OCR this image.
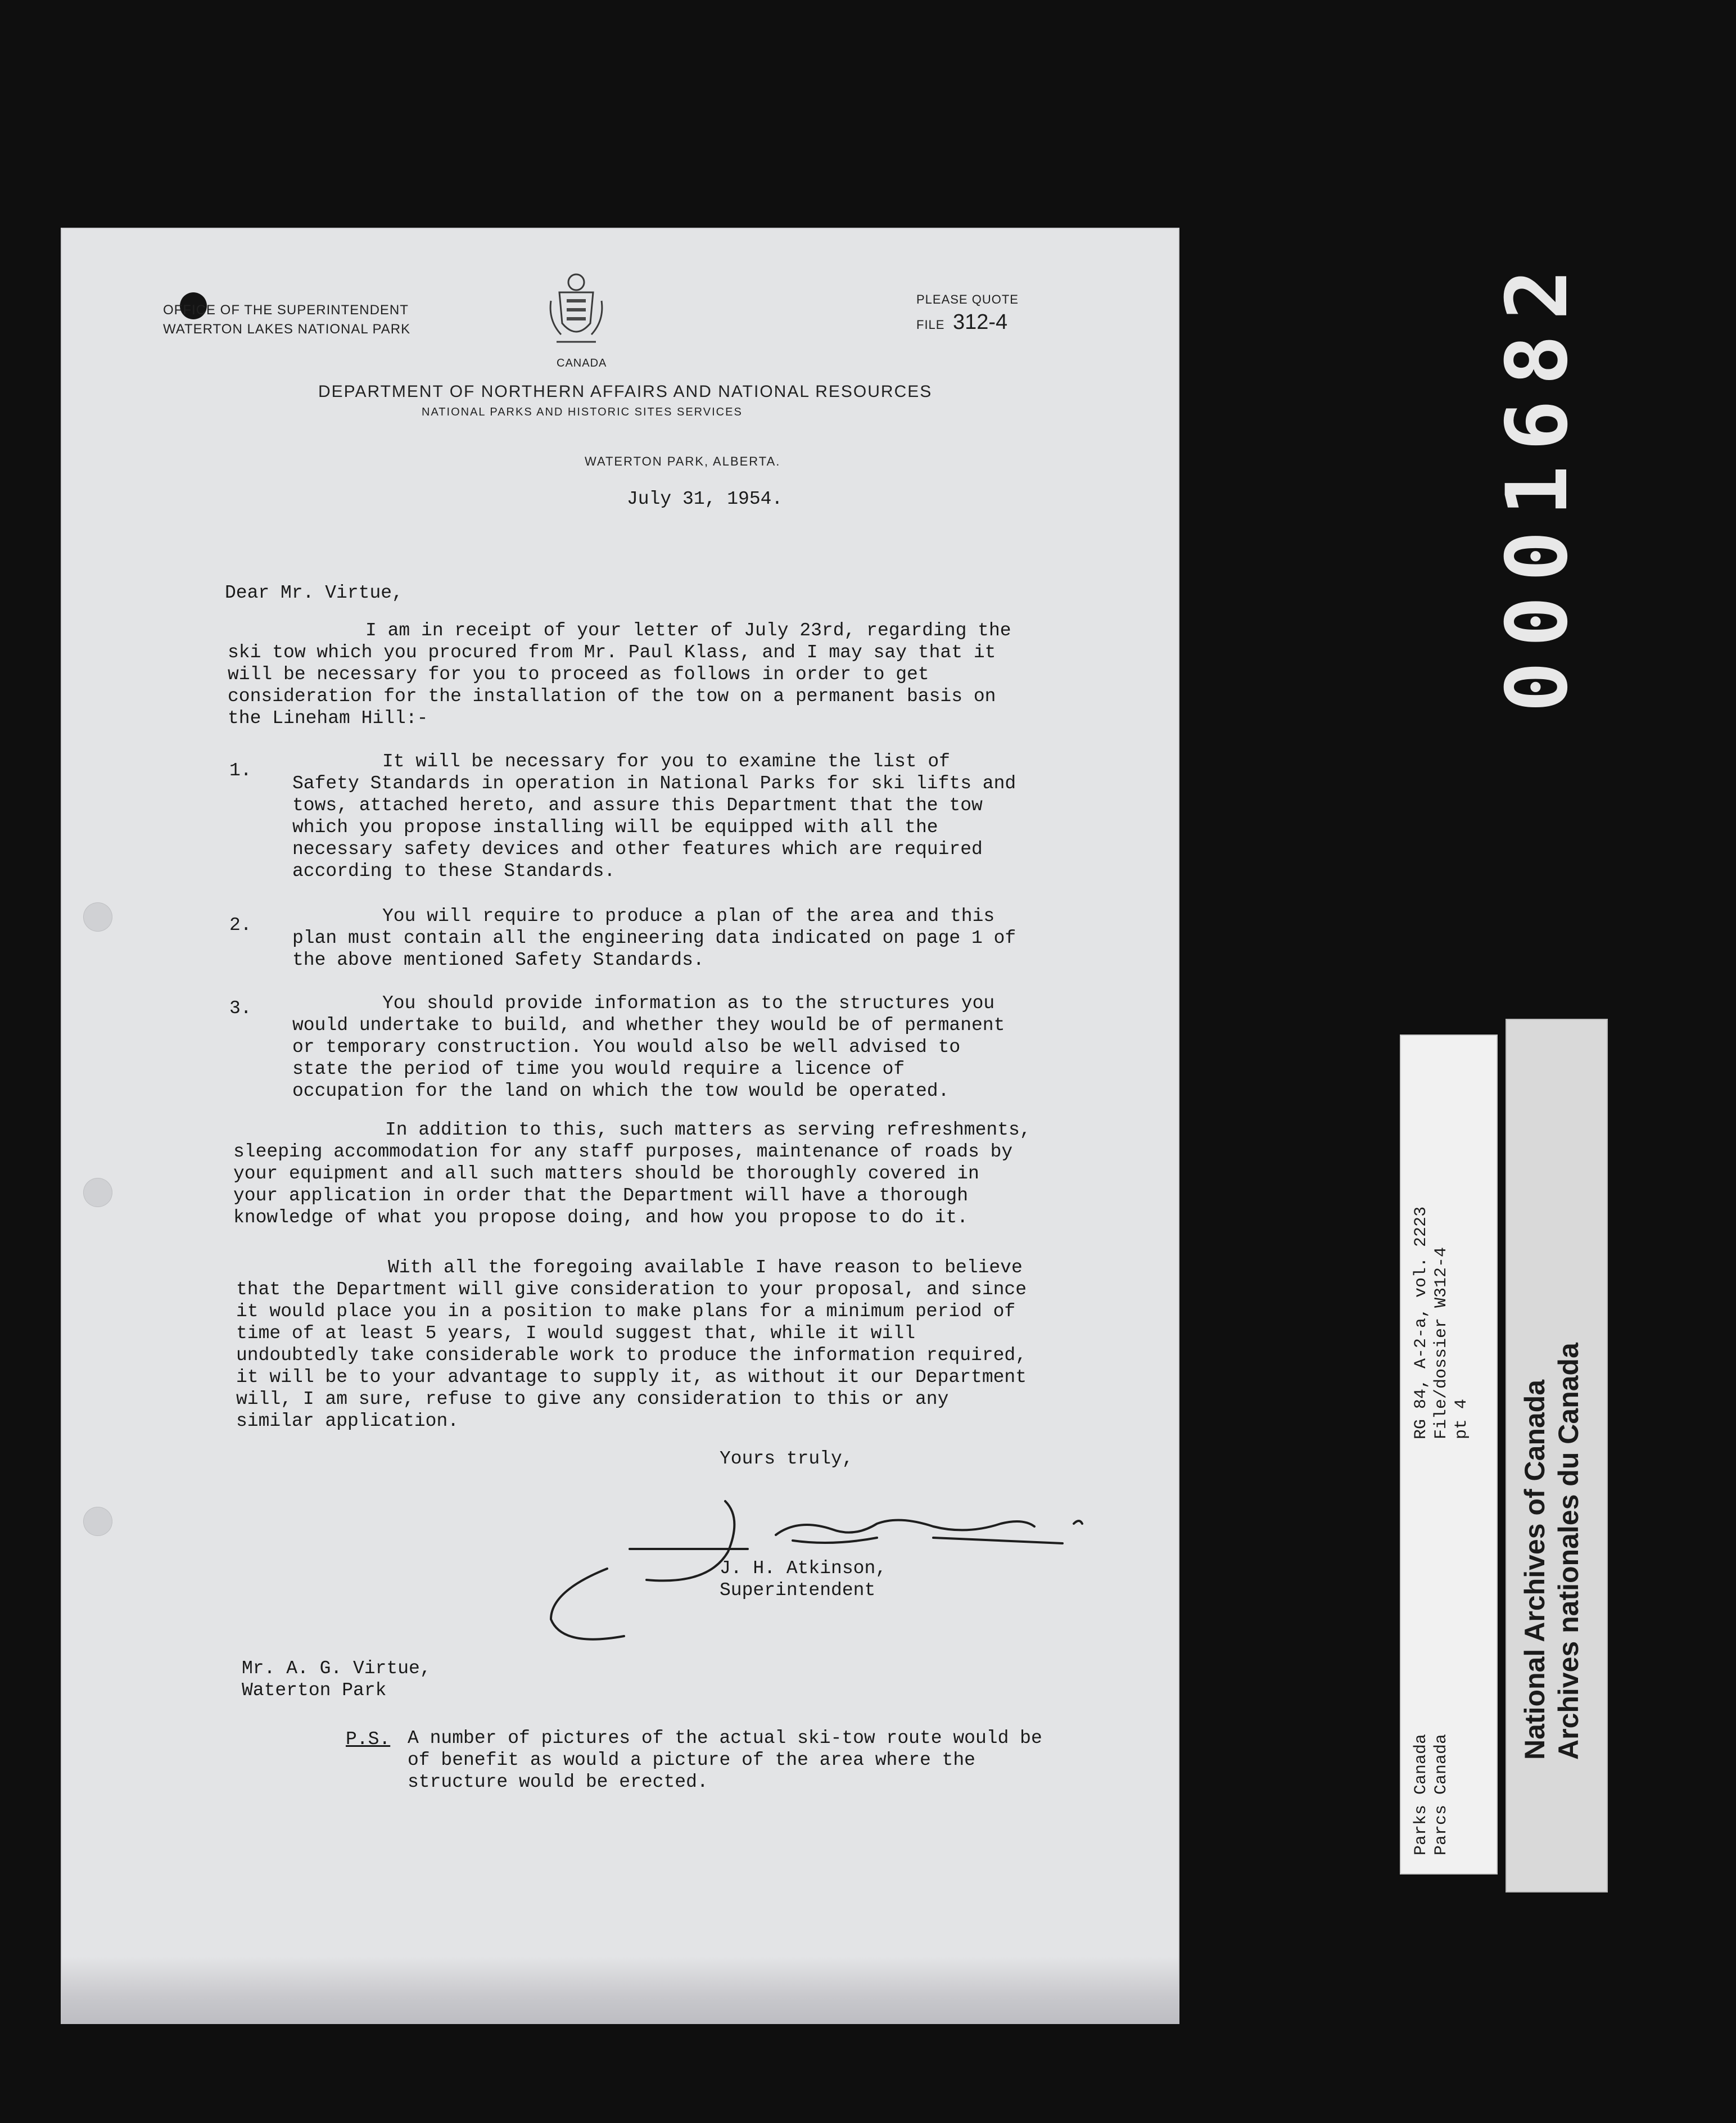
0001682
RG 84, A-2-a, vol. 2223
File/dossier W312-4
pt 4
Parks Canada
Parcs Canada
National Archives of Canada
Archives nationales du Canada
OFFICE OF THE SUPERINTENDENT
WATERTON LAKES NATIONAL PARK
CANADA
PLEASE QUOTE
FILE 312-4
DEPARTMENT OF NORTHERN AFFAIRS AND NATIONAL RESOURCES
NATIONAL PARKS AND HISTORIC SITES SERVICES
WATERTON PARK, ALBERTA.
July 31, 1954.
Dear Mr. Virtue,
I am in receipt of your letter of July 23rd, regarding the ski tow which you procured from Mr. Paul Klass, and I may say that it will be necessary for you to proceed as follows in order to get consideration for the installation of the tow on a permanent basis on the Lineham Hill:-
1.	It will be necessary for you to examine the list of Safety Standards in operation in National Parks for ski lifts and tows, attached hereto, and assure this Department that the tow which you propose installing will be equipped with all the necessary safety devices and other features which are required according to these Standards.
2.	You will require to produce a plan of the area and this plan must contain all the engineering data indicated on page 1 of the above mentioned Safety Standards.
3.	You should provide information as to the structures you would undertake to build, and whether they would be of permanent or temporary construction. You would also be well advised to state the period of time you would require a licence of occupation for the land on which the tow would be operated.
In addition to this, such matters as serving refreshments, sleeping accommodation for any staff purposes, maintenance of roads by your equipment and all such matters should be thoroughly covered in your application in order that the Department will have a thorough knowledge of what you propose doing, and how you propose to do it.
With all the foregoing available I have reason to believe that the Department will give consideration to your proposal, and since it would place you in a position to make plans for a minimum period of time of at least 5 years, I would suggest that, while it will undoubtedly take considerable work to produce the information required, it will be to your advantage to supply it, as without it our Department will, I am sure, refuse to give any consideration to this or any similar application.
Yours truly,
J. H. Atkinson,
Superintendent
Mr. A. G. Virtue,
Waterton Park
P.S. A number of pictures of the actual ski-tow route would be of benefit as would a picture of the area where the structure would be erected.
